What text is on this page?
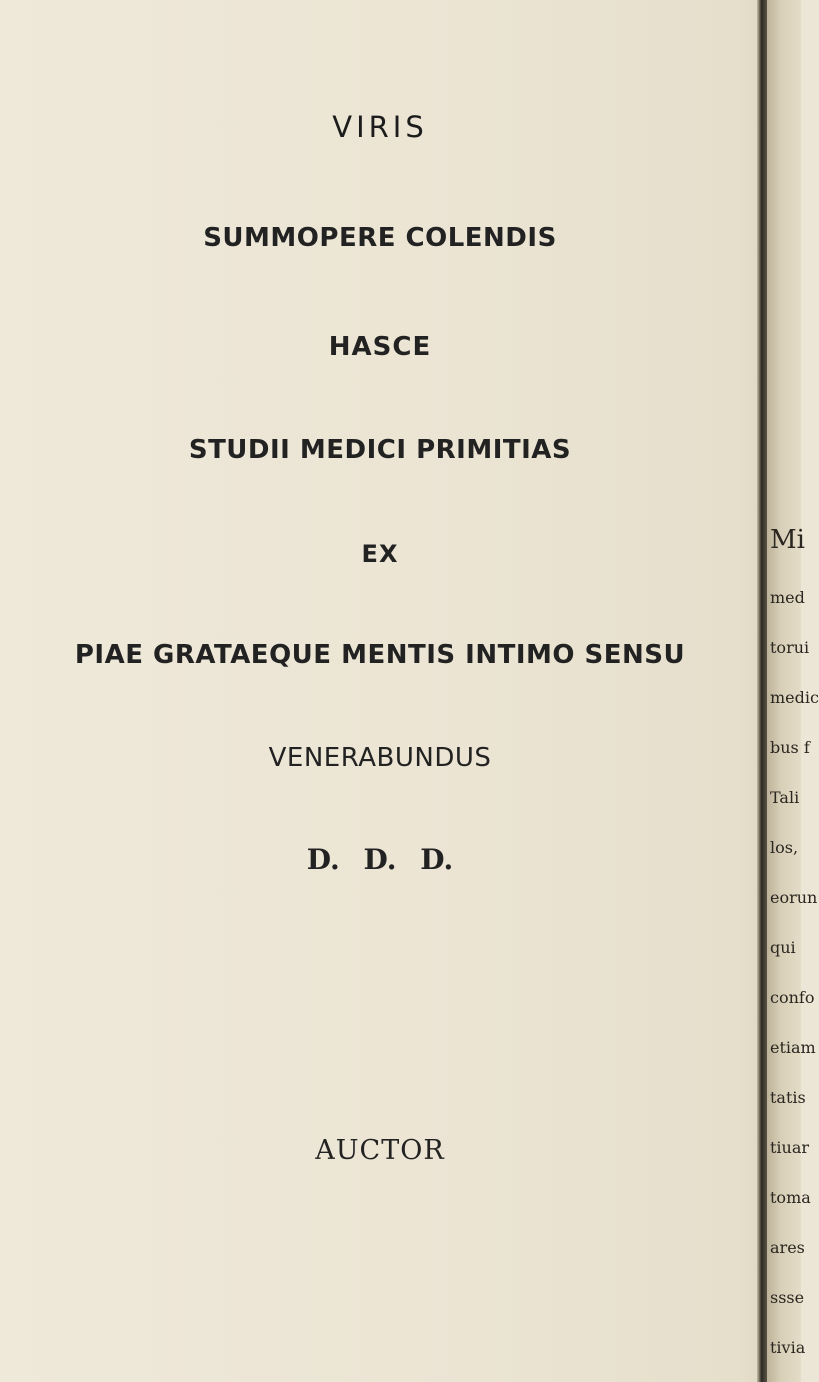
VIRIS
SUMMOPERE COLENDIS
HASCE
STUDII MEDICI PRIMITIAS
EX
PIAE GRATAEQUE MENTIS INTIMO SENSU
VENERABUNDUS
D. D. D.
AUCTOR
Mi
med
torui
medic
bus f
Tali
los,
eorun
qui
confo
etiam
tatis
tiuar
toma
ares
ssse
tivia
